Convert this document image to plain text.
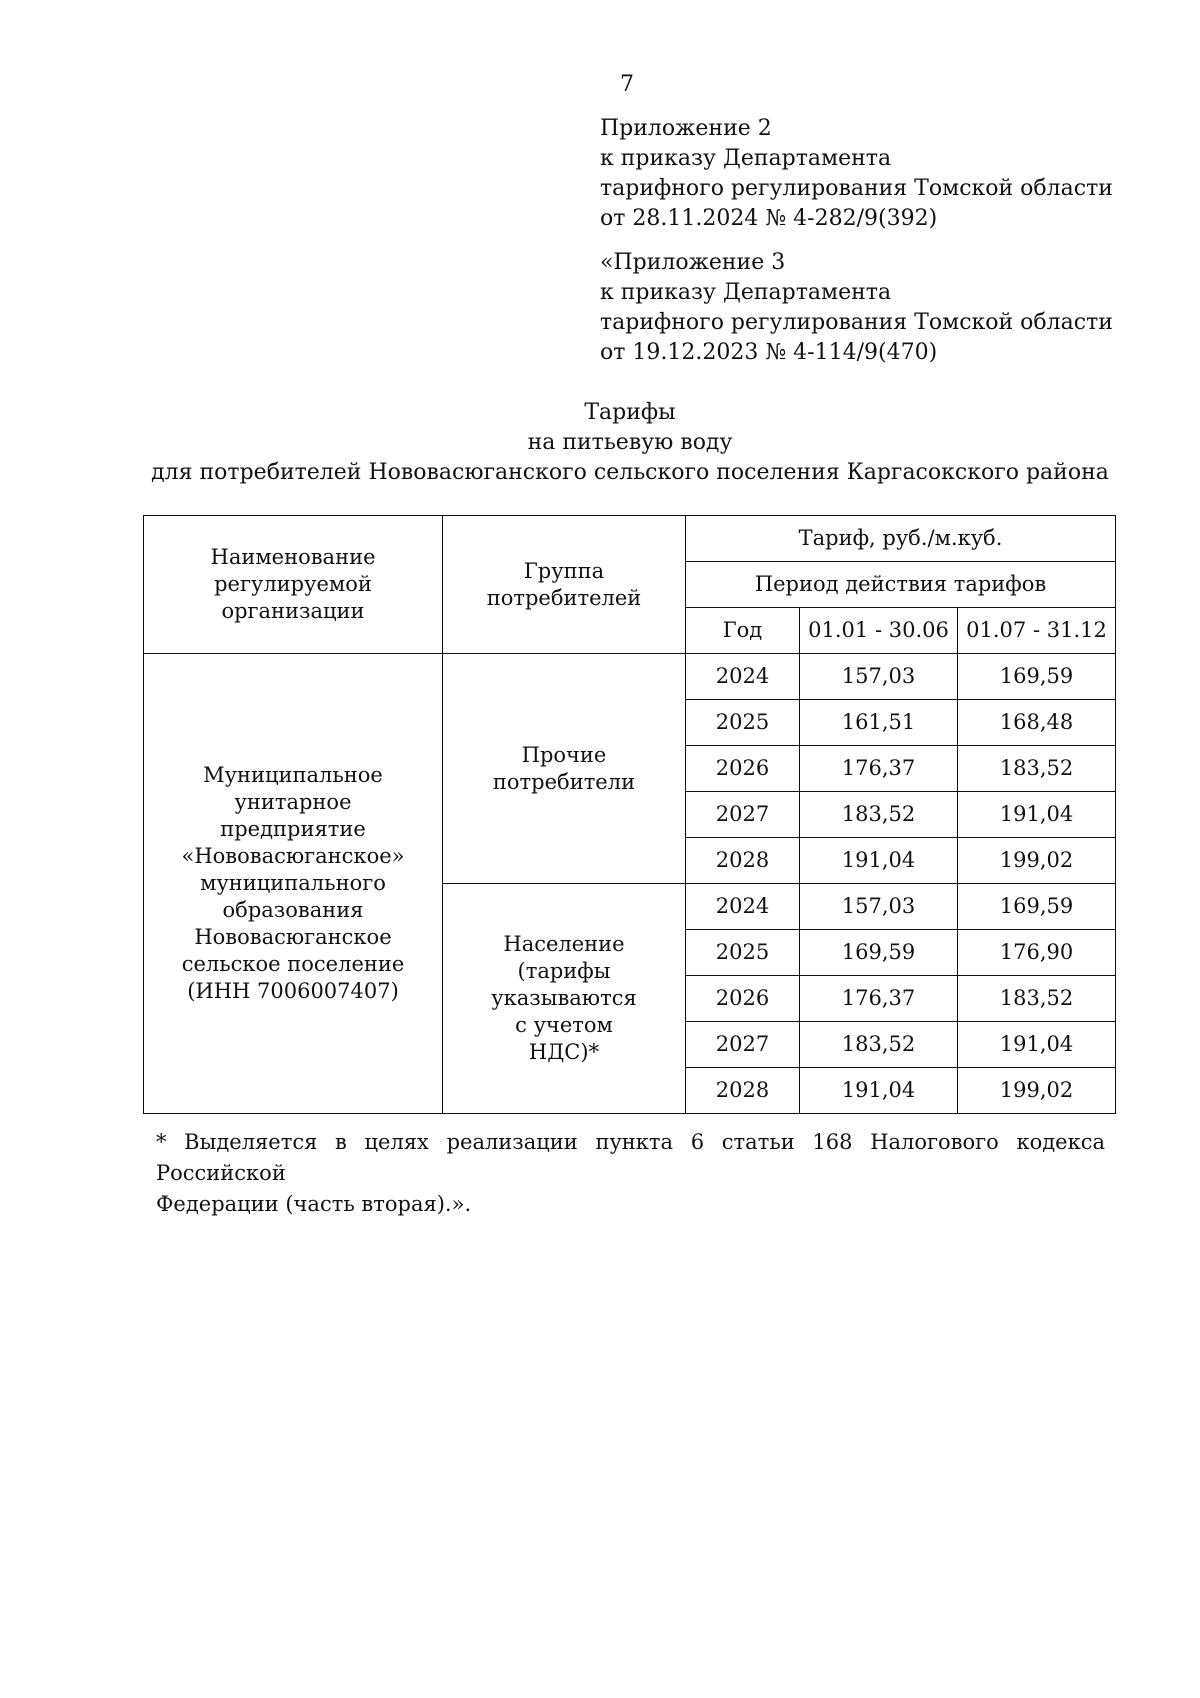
7
Приложение 2
к приказу Департамента
тарифного регулирования Томской области
от 28.11.2024 № 4-282/9(392)
«Приложение 3
к приказу Департамента
тарифного регулирования Томской области
от 19.12.2023 № 4-114/9(470)
Тарифы
на питьевую воду
для потребителей Нововасюганского сельского поселения Каргасокского района
Наименование регулируемой организации	Группа потребителей	Тариф, руб./м.куб.		
		Период действия тарифов		
		Год	01.01 - 30.06	01.07 - 31.12
Муниципальное унитарное предприятие «Нововасюганское» муниципального образования Нововасюганское сельское поселение (ИНН 7006007407)	Прочие потребители	2024	157,03	169,59
		2025	161,51	168,48
		2026	176,37	183,52
		2027	183,52	191,04
		2028	191,04	199,02
	Население (тарифы указываются с учетом НДС)*	2024	157,03	169,59
		2025	169,59	176,90
		2026	176,37	183,52
		2027	183,52	191,04
		2028	191,04	199,02
* Выделяется в целях реализации пункта 6 статьи 168 Налогового кодекса Российской
Федерации (часть вторая).».
